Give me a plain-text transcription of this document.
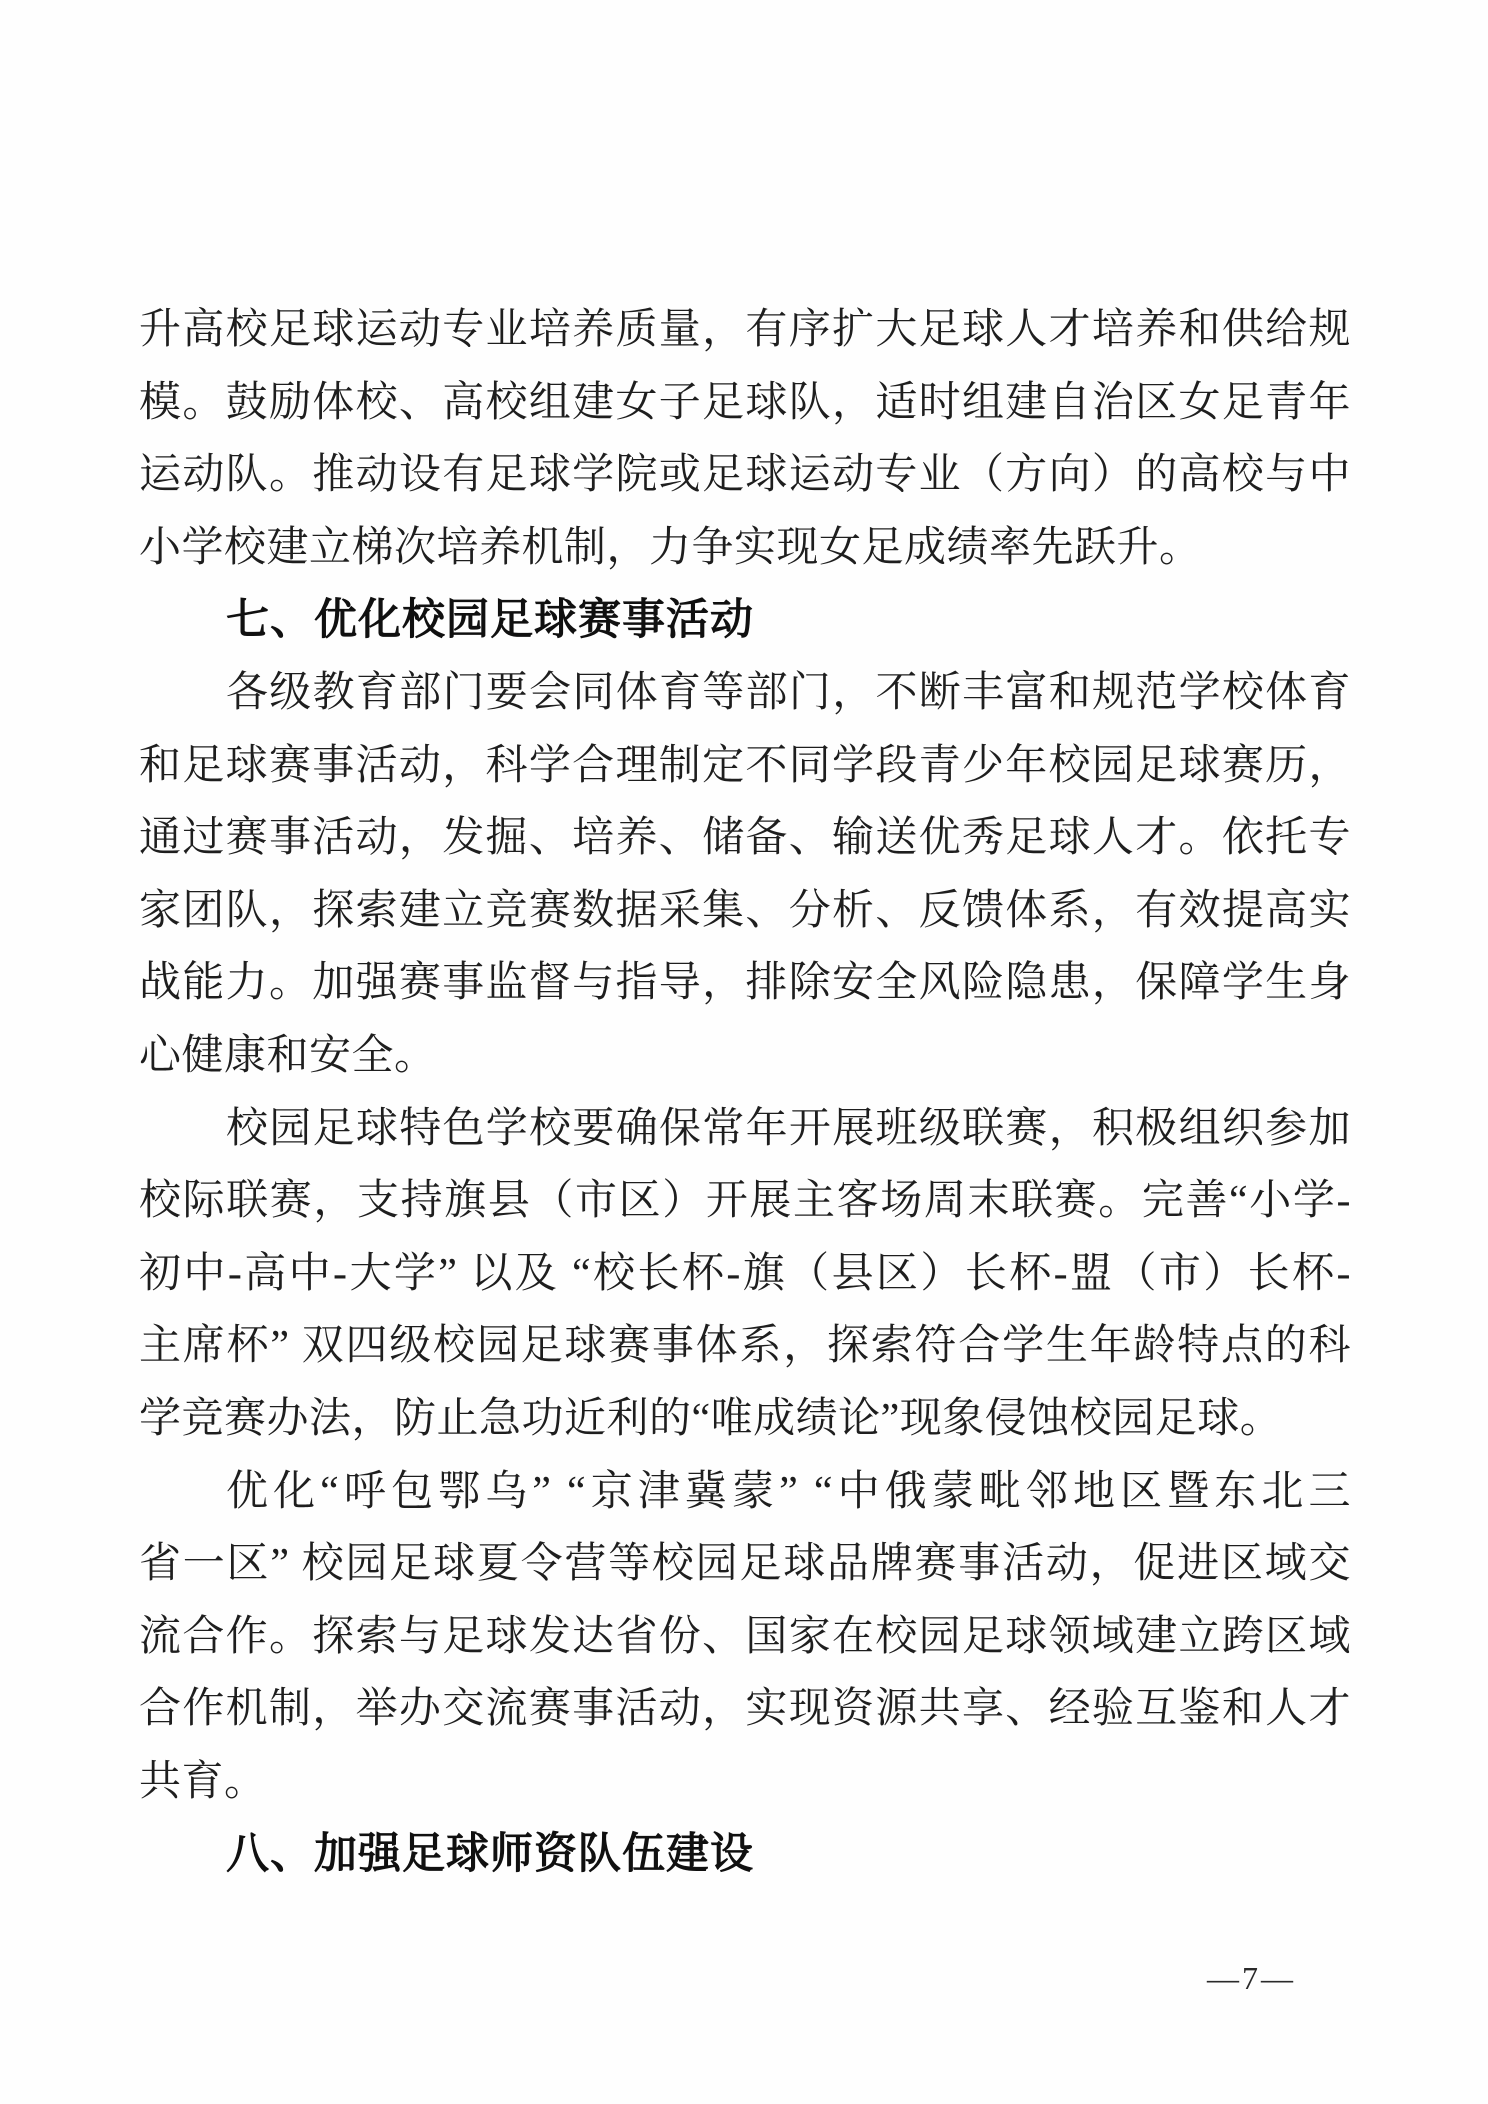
升高校足球运动专业培养质量，有序扩大足球人才培养和供给规
模。鼓励体校、高校组建女子足球队，适时组建自治区女足青年
运动队。推动设有足球学院或足球运动专业（方向）的高校与中
小学校建立梯次培养机制，力争实现女足成绩率先跃升。
七、优化校园足球赛事活动
各级教育部门要会同体育等部门，不断丰富和规范学校体育
和足球赛事活动，科学合理制定不同学段青少年校园足球赛历，
通过赛事活动，发掘、培养、储备、输送优秀足球人才。依托专
家团队，探索建立竞赛数据采集、分析、反馈体系，有效提高实
战能力。加强赛事监督与指导，排除安全风险隐患，保障学生身
心健康和安全。
校园足球特色学校要确保常年开展班级联赛，积极组织参加
校际联赛，支持旗县（市区）开展主客场周末联赛。完善“小学-
初中-高中-大学” 以及 “校长杯-旗（县区）长杯-盟（市）长杯-
主席杯” 双四级校园足球赛事体系，探索符合学生年龄特点的科
学竞赛办法，防止急功近利的“唯成绩论”现象侵蚀校园足球。
优化“呼包鄂乌” “京津冀蒙” “中俄蒙毗邻地区暨东北三
省一区” 校园足球夏令营等校园足球品牌赛事活动，促进区域交
流合作。探索与足球发达省份、国家在校园足球领域建立跨区域
合作机制，举办交流赛事活动，实现资源共享、经验互鉴和人才
共育。
八、加强足球师资队伍建设
—7—
